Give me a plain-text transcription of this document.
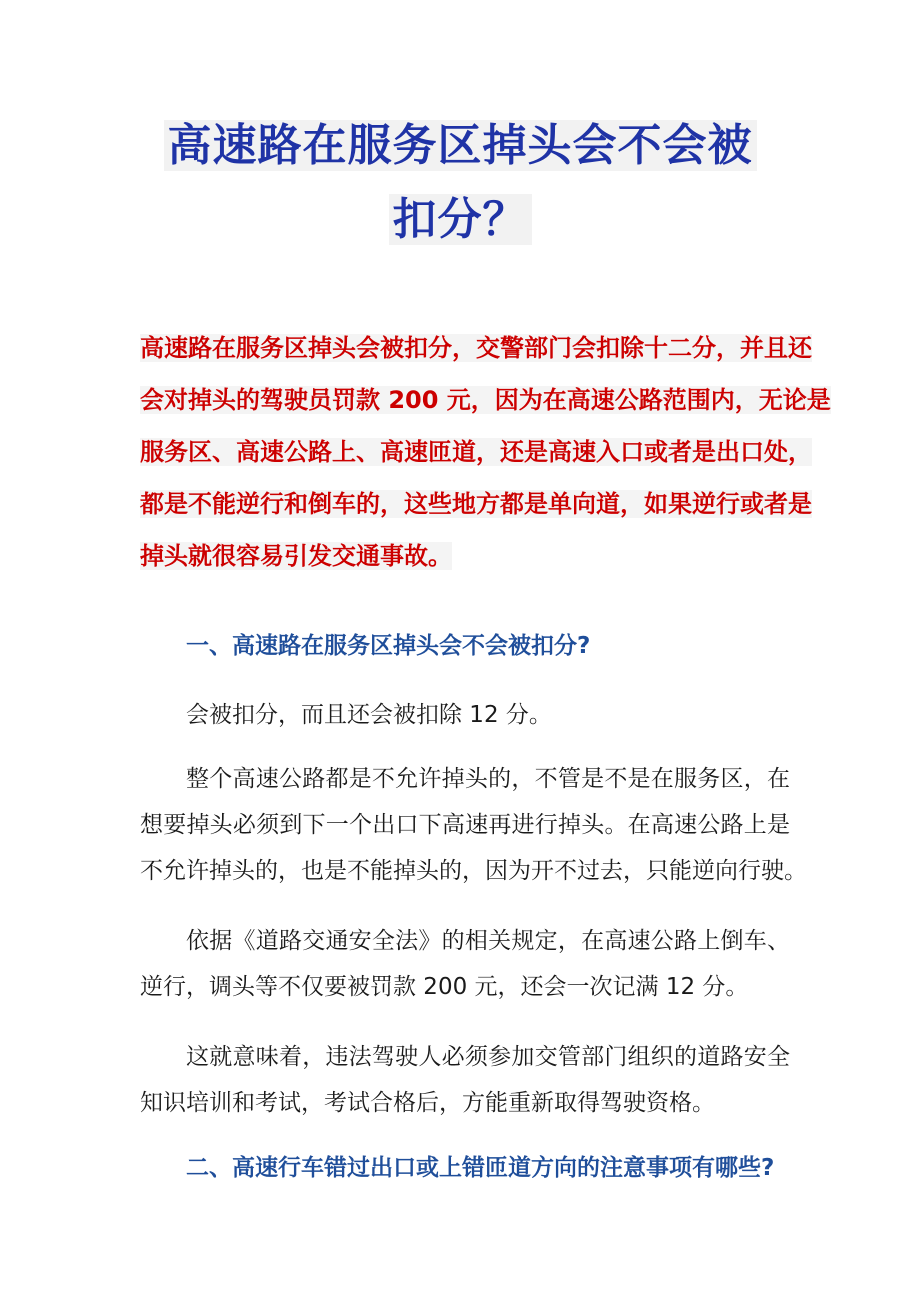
高速路在服务区掉头会不会被
扣分？
高速路在服务区掉头会被扣分，交警部门会扣除十二分，并且还
会对掉头的驾驶员罚款 200 元，因为在高速公路范围内，无论是
服务区、高速公路上、高速匝道，还是高速入口或者是出口处，
都是不能逆行和倒车的，这些地方都是单向道，如果逆行或者是
掉头就很容易引发交通事故。
一、高速路在服务区掉头会不会被扣分?
会被扣分，而且还会被扣除 12 分。
整个高速公路都是不允许掉头的，不管是不是在服务区，在
想要掉头必须到下一个出口下高速再进行掉头。在高速公路上是
不允许掉头的，也是不能掉头的，因为开不过去，只能逆向行驶。
依据《道路交通安全法》的相关规定，在高速公路上倒车、
逆行，调头等不仅要被罚款 200 元，还会一次记满 12 分。
这就意味着，违法驾驶人必须参加交管部门组织的道路安全
知识培训和考试，考试合格后，方能重新取得驾驶资格。
二、高速行车错过出口或上错匝道方向的注意事项有哪些?
